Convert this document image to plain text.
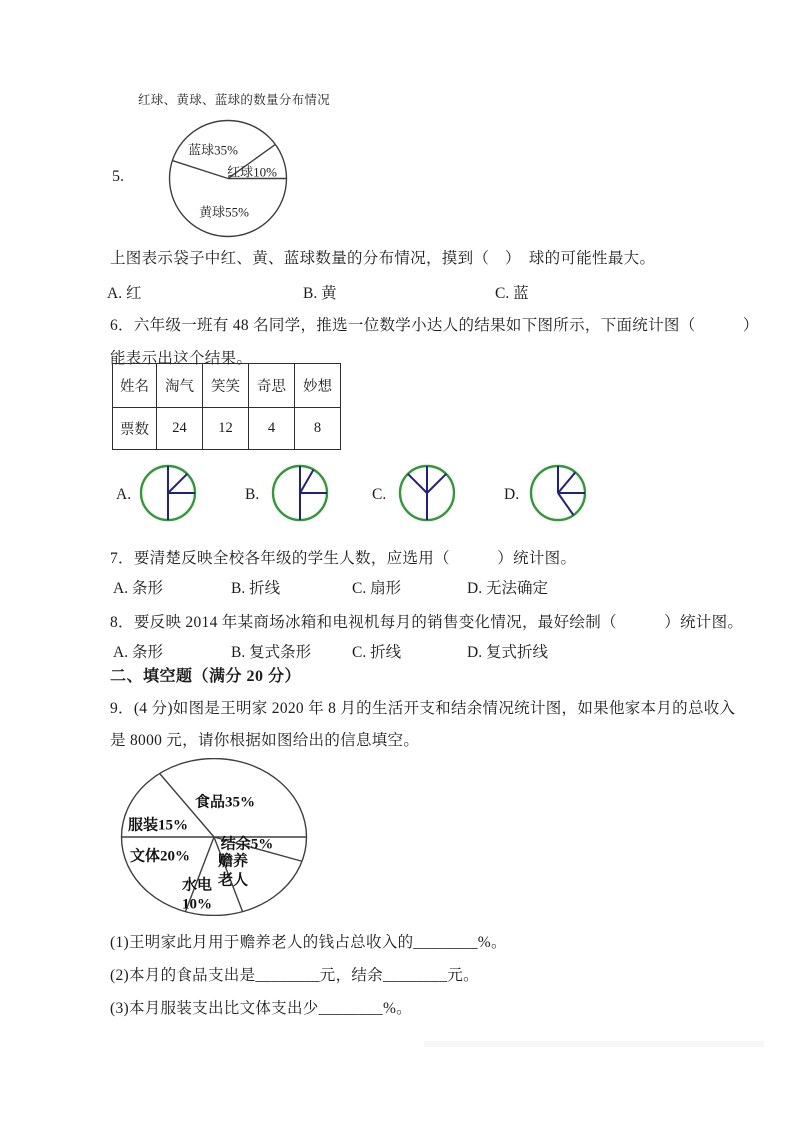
红球、黄球、蓝球的数量分布情况
5.
蓝球35%
红球10%
黄球55%
上图表示袋子中红、黄、蓝球数量的分布情况，摸到（　）　球的可能性最大。
A. 红	B. 黄	C. 蓝
6．六年级一班有 48 名同学，推选一位数学小达人的结果如下图所示，下面统计图（　　　）
能表示出这个结果。
姓名	淘气	笑笑	奇思	妙想
票数	24	12	4	8
A.	B.	C.	D.
7．要清楚反映全校各年级的学生人数，应选用（　　　）统计图。
A. 条形	B. 折线	C. 扇形	D. 无法确定
8．要反映 2014 年某商场冰箱和电视机每月的销售变化情况，最好绘制（　　　）统计图。
A. 条形	B. 复式条形	C. 折线	D. 复式折线
二、填空题（满分 20 分）
9．(4 分)如图是王明家 2020 年 8 月的生活开支和结余情况统计图，如果他家本月的总收入
是 8000 元，请你根据如图给出的信息填空。
食品35%
结余5%
赡养
老人
水电
10%
文体20%
服装15%
(1)王明家此月用于赡养老人的钱占总收入的________%。
(2)本月的食品支出是________元，结余________元。
(3)本月服装支出比文体支出少________%。
